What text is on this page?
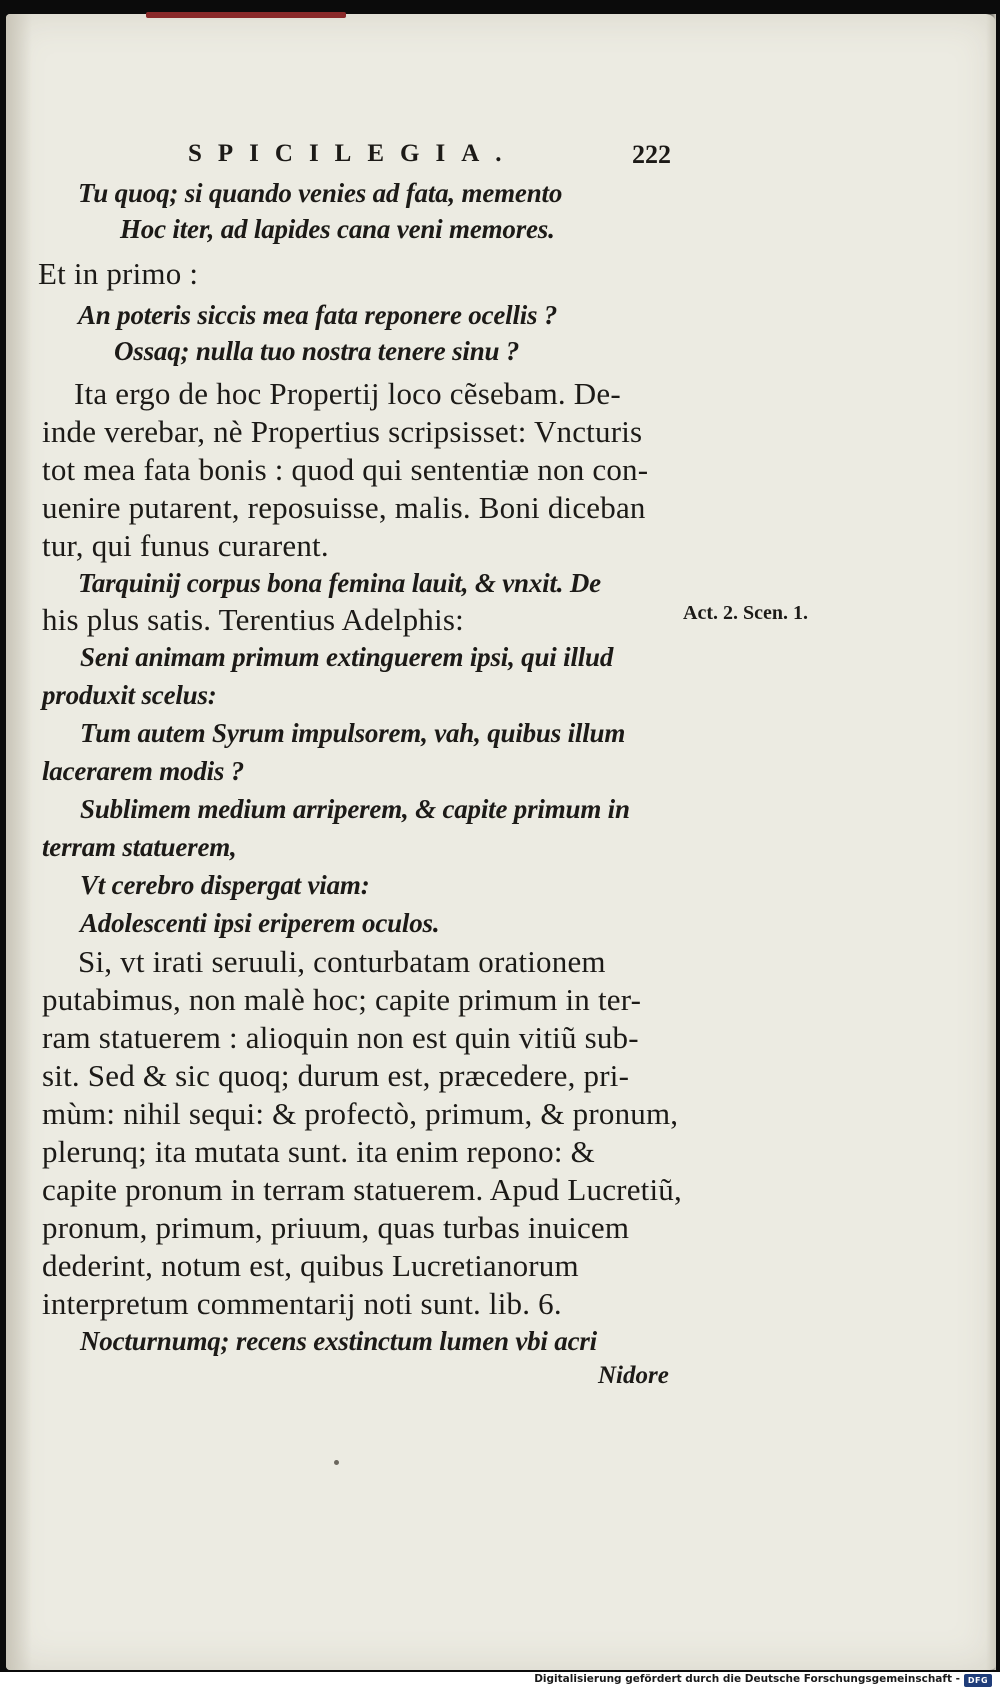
SPICILEGIA.	222
Tu quoq; si quando venies ad fata, memento
Hoc iter, ad lapides cana veni memores.
Et in primo :
An poteris siccis mea fata reponere ocellis ?
Ossaq; nulla tuo nostra tenere sinu ?
Ita ergo de hoc Propertij loco cẽsebam. De-
inde verebar, nè Propertius scripsisset: Vncturis
tot mea fata bonis : quod qui sententiæ non con-
uenire putarent, reposuisse, malis. Boni diceban
tur, qui funus curarent.
Tarquinij corpus bona femina lauit, & vnxit. De
his plus satis. Terentius Adelphis:
Seni animam primum extinguerem ipsi, qui illud
produxit scelus:
Tum autem Syrum impulsorem, vah, quibus illum
lacerarem modis ?
Sublimem medium arriperem, & capite primum in
terram statuerem,
Vt cerebro dispergat viam:
Adolescenti ipsi eriperem oculos.
Si, vt irati seruuli, conturbatam orationem
putabimus, non malè hoc; capite primum in ter-
ram statuerem : alioquin non est quin vitiũ sub-
sit. Sed & sic quoq; durum est, præcedere, pri-
mùm: nihil sequi: & profectò, primum, & pronum,
plerunq; ita mutata sunt. ita enim repono: &
capite pronum in terram statuerem. Apud Lucretiũ,
pronum, primum, priuum, quas turbas inuicem
dederint, notum est, quibus Lucretianorum
interpretum commentarij noti sunt. lib. 6.
Nocturnumq; recens exstinctum lumen vbi acri
Act. 2. Scen. 1.
Nidore
Digitalisierung gefördert durch die Deutsche Forschungsgemeinschaft - DFG
